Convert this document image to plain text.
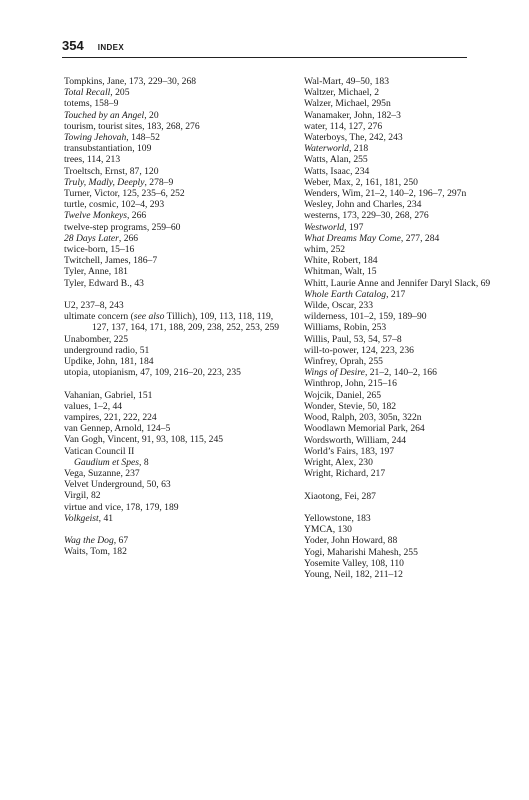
354 INDEX
Tompkins, Jane, 173, 229–30, 268
Total Recall, 205
totems, 158–9
Touched by an Angel, 20
tourism, tourist sites, 183, 268, 276
Towing Jehovah, 148–52
transubstantiation, 109
trees, 114, 213
Troeltsch, Ernst, 87, 120
Truly, Madly, Deeply, 278–9
Turner, Victor, 125, 235–6, 252
turtle, cosmic, 102–4, 293
Twelve Monkeys, 266
twelve-step programs, 259–60
28 Days Later, 266
twice-born, 15–16
Twitchell, James, 186–7
Tyler, Anne, 181
Tyler, Edward B., 43
U2, 237–8, 243
ultimate concern (see also Tillich), 109, 113, 118, 119, 127, 137, 164, 171, 188, 209, 238, 252, 253, 259
Unabomber, 225
underground radio, 51
Updike, John, 181, 184
utopia, utopianism, 47, 109, 216–20, 223, 235
Vahanian, Gabriel, 151
values, 1–2, 44
vampires, 221, 222, 224
van Gennep, Arnold, 124–5
Van Gogh, Vincent, 91, 93, 108, 115, 245
Vatican Council II
Gaudium et Spes, 8
Vega, Suzanne, 237
Velvet Underground, 50, 63
Virgil, 82
virtue and vice, 178, 179, 189
Volkgeist, 41
Wag the Dog, 67
Waits, Tom, 182
Wal-Mart, 49–50, 183
Waltzer, Michael, 2
Walzer, Michael, 295n
Wanamaker, John, 182–3
water, 114, 127, 276
Waterboys, The, 242, 243
Waterworld, 218
Watts, Alan, 255
Watts, Isaac, 234
Weber, Max, 2, 161, 181, 250
Wenders, Wim, 21–2, 140–2, 196–7, 297n
Wesley, John and Charles, 234
westerns, 173, 229–30, 268, 276
Westworld, 197
What Dreams May Come, 277, 284
whim, 252
White, Robert, 184
Whitman, Walt, 15
Whitt, Laurie Anne and Jennifer Daryl Slack, 69
Whole Earth Catalog, 217
Wilde, Oscar, 233
wilderness, 101–2, 159, 189–90
Williams, Robin, 253
Willis, Paul, 53, 54, 57–8
will-to-power, 124, 223, 236
Winfrey, Oprah, 255
Wings of Desire, 21–2, 140–2, 166
Winthrop, John, 215–16
Wojcik, Daniel, 265
Wonder, Stevie, 50, 182
Wood, Ralph, 203, 305n, 322n
Woodlawn Memorial Park, 264
Wordsworth, William, 244
World’s Fairs, 183, 197
Wright, Alex, 230
Wright, Richard, 217
Xiaotong, Fei, 287
Yellowstone, 183
YMCA, 130
Yoder, John Howard, 88
Yogi, Maharishi Mahesh, 255
Yosemite Valley, 108, 110
Young, Neil, 182, 211–12
